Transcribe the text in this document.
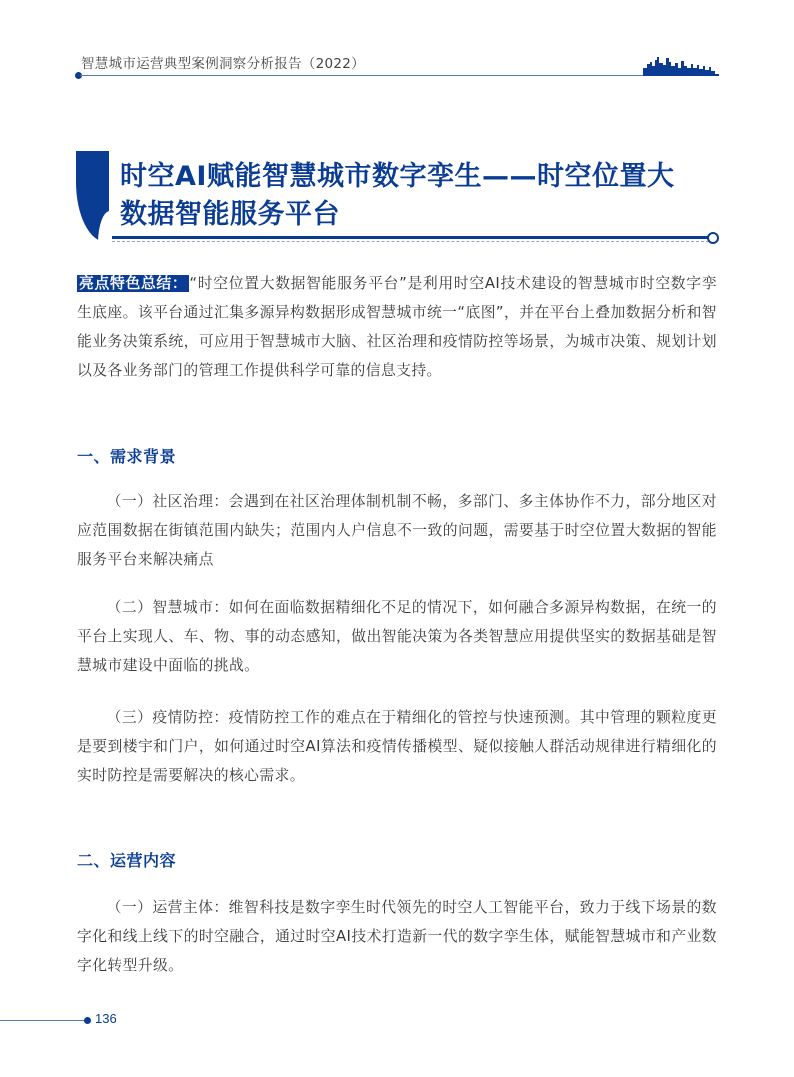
智慧城市运营典型案例洞察分析报告（2022）
时空AI赋能智慧城市数字孪生——时空位置大
数据智能服务平台
亮点特色总结： “时空位置大数据智能服务平台”是利用时空AI技术建设的智慧城市时空数字孪生底座。该平台通过汇集多源异构数据形成智慧城市统一“底图”，并在平台上叠加数据分析和智能业务决策系统，可应用于智慧城市大脑、社区治理和疫情防控等场景，为城市决策、规划计划以及各业务部门的管理工作提供科学可靠的信息支持。
一、需求背景
（一）社区治理：会遇到在社区治理体制机制不畅，多部门、多主体协作不力，部分地区对应范围数据在街镇范围内缺失；范围内人户信息不一致的问题，需要基于时空位置大数据的智能服务平台来解决痛点
（二）智慧城市：如何在面临数据精细化不足的情况下，如何融合多源异构数据，在统一的平台上实现人、车、物、事的动态感知，做出智能决策为各类智慧应用提供坚实的数据基础是智慧城市建设中面临的挑战。
（三）疫情防控：疫情防控工作的难点在于精细化的管控与快速预测。其中管理的颗粒度更是要到楼宇和门户，如何通过时空AI算法和疫情传播模型、疑似接触人群活动规律进行精细化的实时防控是需要解决的核心需求。
二、运营内容
（一）运营主体：维智科技是数字孪生时代领先的时空人工智能平台，致力于线下场景的数字化和线上线下的时空融合，通过时空AI技术打造新一代的数字孪生体，赋能智慧城市和产业数字化转型升级。
136
